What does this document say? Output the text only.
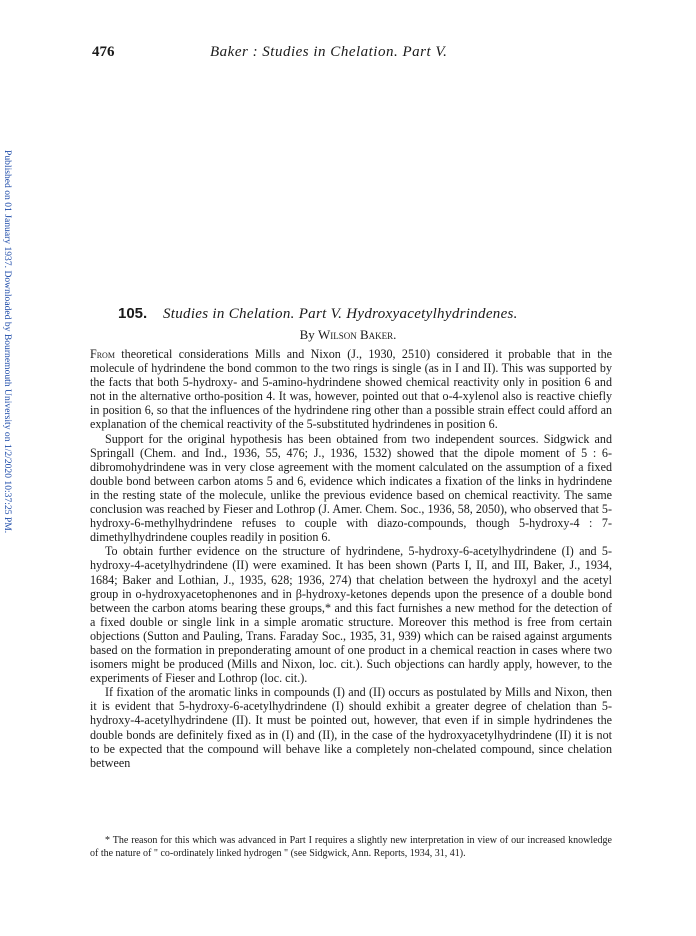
Published on 01 January 1937. Downloaded by Bournemouth University on 1/2/2020 10:37:25 PM.
476	Baker : Studies in Chelation. Part V.
105. Studies in Chelation. Part V. Hydroxyacetylhydrindenes.
By Wilson Baker.

From theoretical considerations Mills and Nixon (J., 1930, 2510) considered it probable that in the molecule of hydrindene the bond common to the two rings is single (as in I and II). This was supported by the facts that both 5-hydroxy- and 5-amino-hydrindene showed chemical reactivity only in position 6 and not in the alternative ortho-position 4. It was, however, pointed out that o-4-xylenol also is reactive chiefly in position 6, so that the influences of the hydrindene ring other than a possible strain effect could afford an explanation of the chemical reactivity of the 5-substituted hydrindenes in position 6.

Support for the original hypothesis has been obtained from two independent sources. Sidgwick and Springall (Chem. and Ind., 1936, 55, 476; J., 1936, 1532) showed that the dipole moment of 5 : 6-dibromohydrindene was in very close agreement with the moment calculated on the assumption of a fixed double bond between carbon atoms 5 and 6, evidence which indicates a fixation of the links in hydrindene in the resting state of the molecule, unlike the previous evidence based on chemical reactivity. The same conclusion was reached by Fieser and Lothrop (J. Amer. Chem. Soc., 1936, 58, 2050), who observed that 5-hydroxy-6-methylhydrindene refuses to couple with diazo-compounds, though 5-hydroxy-4 : 7-dimethylhydrindene couples readily in position 6.

To obtain further evidence on the structure of hydrindene, 5-hydroxy-6-acetylhydrindene (I) and 5-hydroxy-4-acetylhydrindene (II) were examined. It has been shown (Parts I, II, and III, Baker, J., 1934, 1684; Baker and Lothian, J., 1935, 628; 1936, 274) that chelation between the hydroxyl and the acetyl group in o-hydroxyacetophenones and in β-hydroxy-ketones depends upon the presence of a double bond between the carbon atoms bearing these groups,* and this fact furnishes a new method for the detection of a fixed double or single link in a simple aromatic structure. Moreover this method is free from certain objections (Sutton and Pauling, Trans. Faraday Soc., 1935, 31, 939) which can be raised against arguments based on the formation in preponderating amount of one product in a chemical reaction in cases where two isomers might be produced (Mills and Nixon, loc. cit.). Such objections can hardly apply, however, to the experiments of Fieser and Lothrop (loc. cit.).

If fixation of the aromatic links in compounds (I) and (II) occurs as postulated by Mills and Nixon, then it is evident that 5-hydroxy-6-acetylhydrindene (I) should exhibit a greater degree of chelation than 5-hydroxy-4-acetylhydrindene (II). It must be pointed out, however, that even if in simple hydrindenes the double bonds are definitely fixed as in (I) and (II), in the case of the hydroxyacetylhydrindene (II) it is not to be expected that the compound will behave like a completely non-chelated compound, since chelation between

* The reason for this which was advanced in Part I requires a slightly new interpretation in view of our increased knowledge of the nature of " co-ordinately linked hydrogen " (see Sidgwick, Ann. Reports, 1934, 31, 41).
